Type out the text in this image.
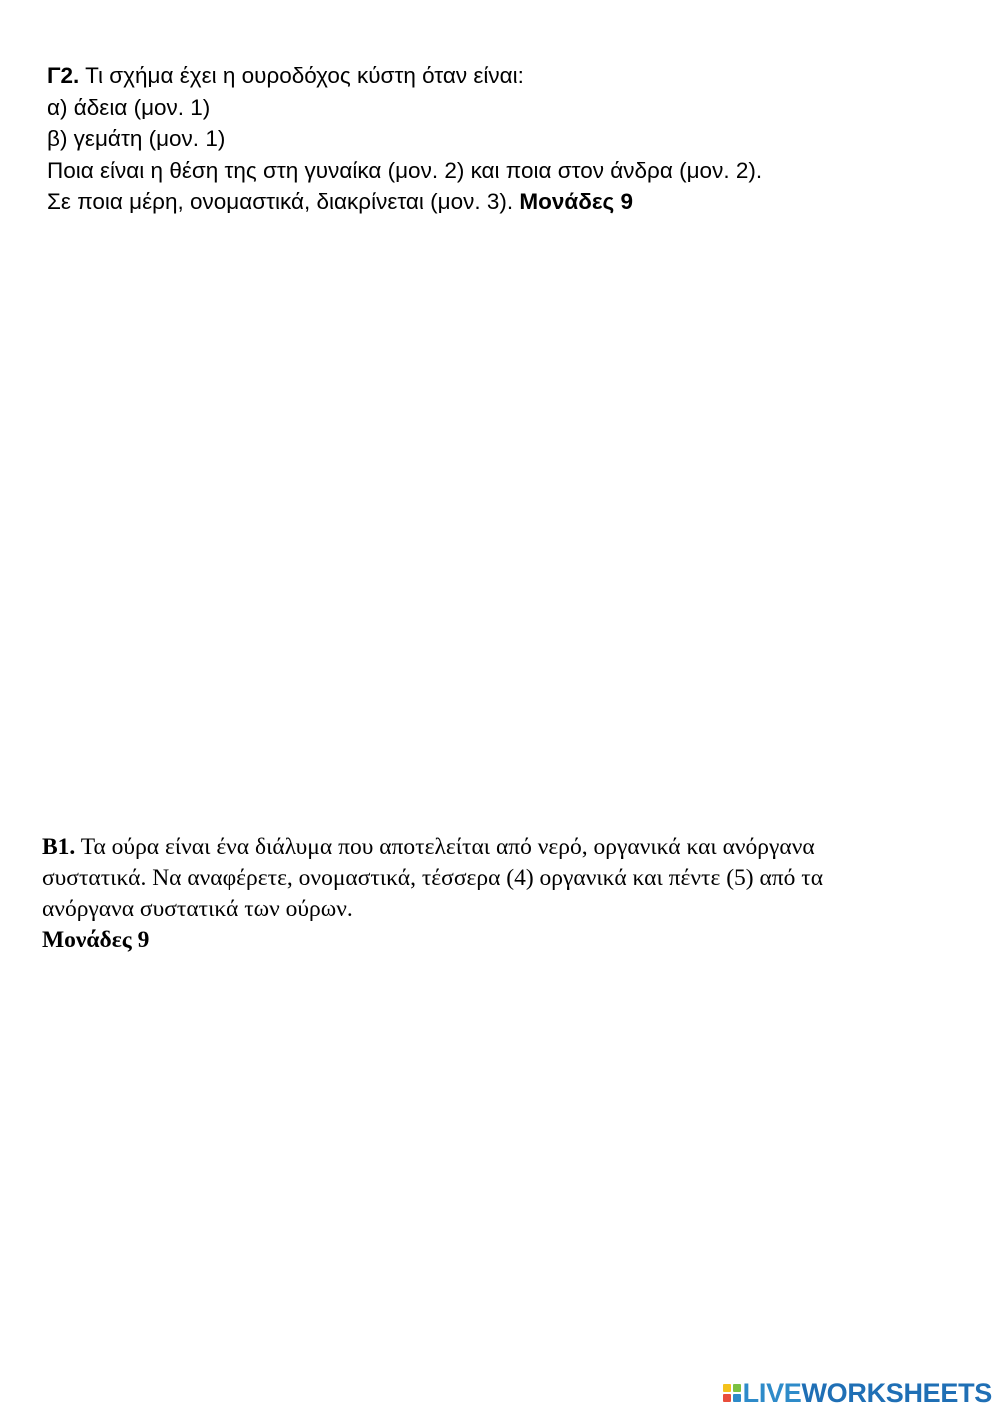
Γ2. Τι σχήμα έχει η ουροδόχος κύστη όταν είναι:
α) άδεια (μον. 1)
β) γεμάτη (μον. 1)
Ποια είναι η θέση της στη γυναίκα (μον. 2) και ποια στον άνδρα (μον. 2).
Σε ποια μέρη, ονομαστικά, διακρίνεται (μον. 3). Μονάδες 9
Β1. Τα ούρα είναι ένα διάλυμα που αποτελείται από νερό, οργανικά και ανόργανα
συστατικά. Να αναφέρετε, ονομαστικά, τέσσερα (4) οργανικά και πέντε (5) από τα
ανόργανα συστατικά των ούρων.
Μονάδες 9
LIVEWORKSHEETS
